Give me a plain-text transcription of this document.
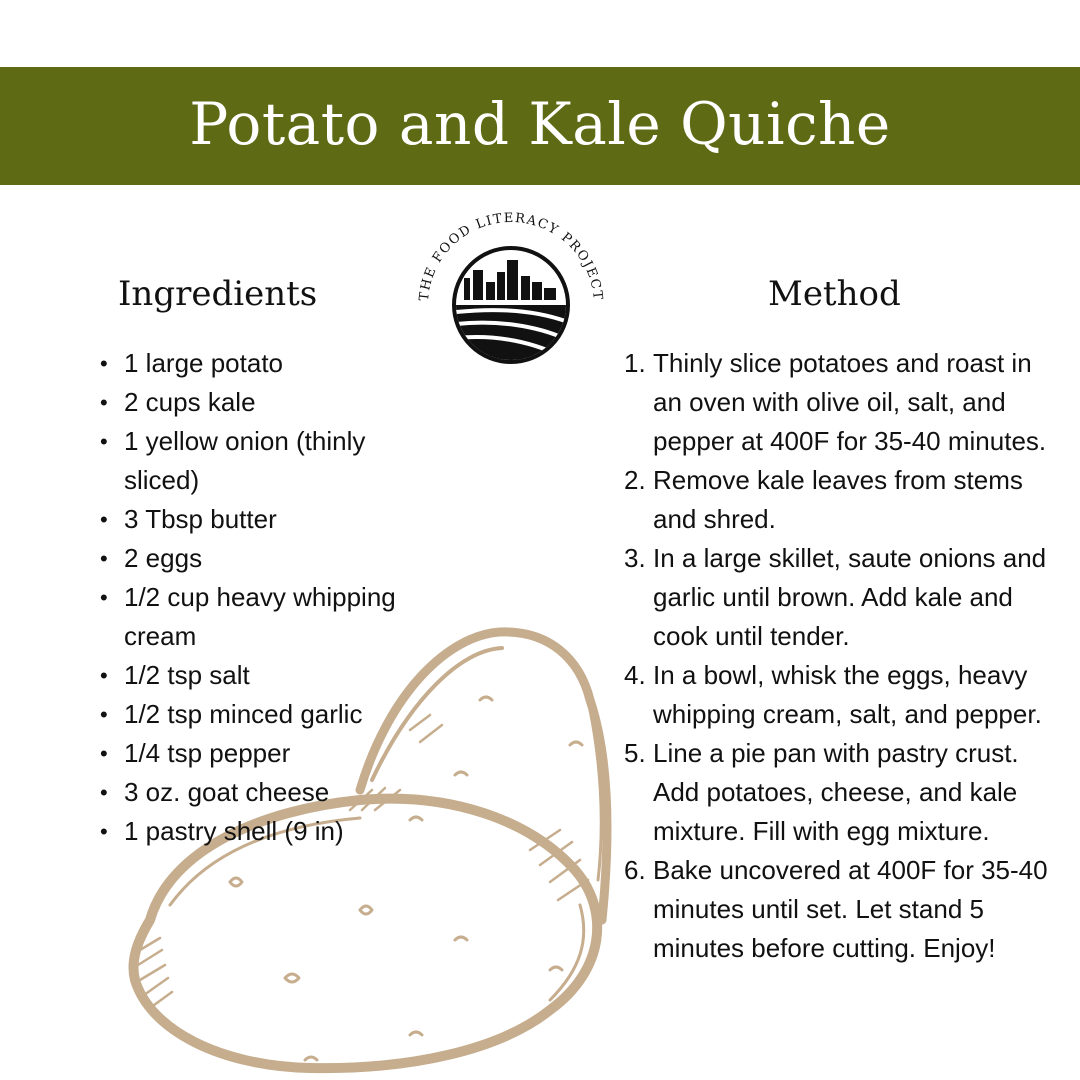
Potato and Kale Quiche
THE FOOD LITERACY PROJECT
Ingredients	Method
• 1 large potato
• 2 cups kale
• 1 yellow onion (thinly sliced)
• 3 Tbsp butter
• 2 eggs
• 1/2 cup heavy whipping cream
• 1/2 tsp salt
• 1/2 tsp minced garlic
• 1/4 tsp pepper
• 3 oz. goat cheese
• 1 pastry shell (9 in)
1. Thinly slice potatoes and roast in an oven with olive oil, salt, and pepper at 400F for 35-40 minutes.
2. Remove kale leaves from stems and shred.
3. In a large skillet, saute onions and garlic until brown. Add kale and cook until tender.
4. In a bowl, whisk the eggs, heavy whipping cream, salt, and pepper.
5. Line a pie pan with pastry crust. Add potatoes, cheese, and kale mixture. Fill with egg mixture.
6. Bake uncovered at 400F for 35-40 minutes until set. Let stand 5 minutes before cutting. Enjoy!
